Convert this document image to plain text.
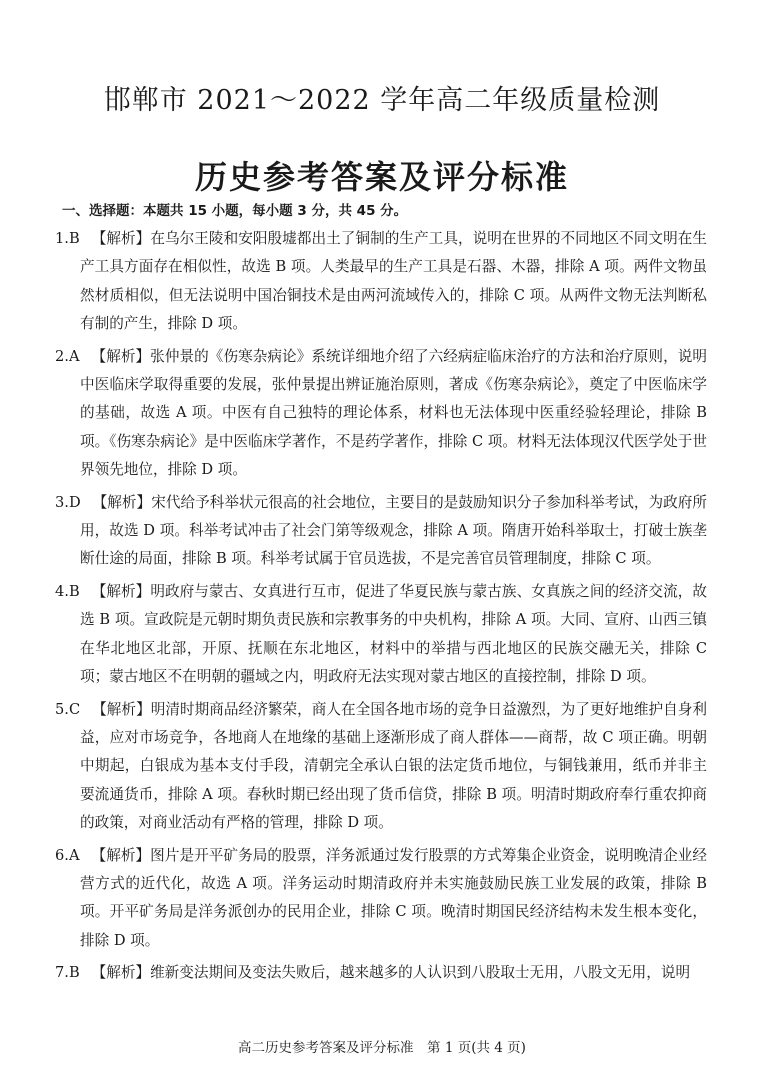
邯郸市 2021～2022 学年高二年级质量检测
历史参考答案及评分标准
一、选择题：本题共 15 小题，每小题 3 分，共 45 分。

1.B 【解析】在乌尔王陵和安阳殷墟都出土了铜制的生产工具，说明在世界的不同地区不同文明在生产工具方面存在相似性，故选 B 项。人类最早的生产工具是石器、木器，排除 A 项。两件文物虽然材质相似，但无法说明中国冶铜技术是由两河流域传入的，排除 C 项。从两件文物无法判断私有制的产生，排除 D 项。

2.A 【解析】张仲景的《伤寒杂病论》系统详细地介绍了六经病症临床治疗的方法和治疗原则，说明中医临床学取得重要的发展，张仲景提出辨证施治原则，著成《伤寒杂病论》，奠定了中医临床学的基础，故选 A 项。中医有自己独特的理论体系，材料也无法体现中医重经验轻理论，排除 B 项。《伤寒杂病论》是中医临床学著作，不是药学著作，排除 C 项。材料无法体现汉代医学处于世界领先地位，排除 D 项。

3.D 【解析】宋代给予科举状元很高的社会地位，主要目的是鼓励知识分子参加科举考试，为政府所用，故选 D 项。科举考试冲击了社会门第等级观念，排除 A 项。隋唐开始科举取士，打破士族垄断仕途的局面，排除 B 项。科举考试属于官员选拔，不是完善官员管理制度，排除 C 项。

4.B 【解析】明政府与蒙古、女真进行互市，促进了华夏民族与蒙古族、女真族之间的经济交流，故选 B 项。宣政院是元朝时期负责民族和宗教事务的中央机构，排除 A 项。大同、宣府、山西三镇在华北地区北部，开原、抚顺在东北地区，材料中的举措与西北地区的民族交融无关，排除 C 项；蒙古地区不在明朝的疆域之内，明政府无法实现对蒙古地区的直接控制，排除 D 项。

5.C 【解析】明清时期商品经济繁荣，商人在全国各地市场的竞争日益激烈，为了更好地维护自身利益，应对市场竞争，各地商人在地缘的基础上逐渐形成了商人群体——商帮，故 C 项正确。明朝中期起，白银成为基本支付手段，清朝完全承认白银的法定货币地位，与铜钱兼用，纸币并非主要流通货币，排除 A 项。春秋时期已经出现了货币信贷，排除 B 项。明清时期政府奉行重农抑商的政策，对商业活动有严格的管理，排除 D 项。

6.A 【解析】图片是开平矿务局的股票，洋务派通过发行股票的方式筹集企业资金，说明晚清企业经营方式的近代化，故选 A 项。洋务运动时期清政府并未实施鼓励民族工业发展的政策，排除 B 项。开平矿务局是洋务派创办的民用企业，排除 C 项。晚清时期国民经济结构未发生根本变化，排除 D 项。

7.B 【解析】维新变法期间及变法失败后，越来越多的人认识到八股取士无用，八股文无用，说明

高二历史参考答案及评分标准　第 1 页(共 4 页)
